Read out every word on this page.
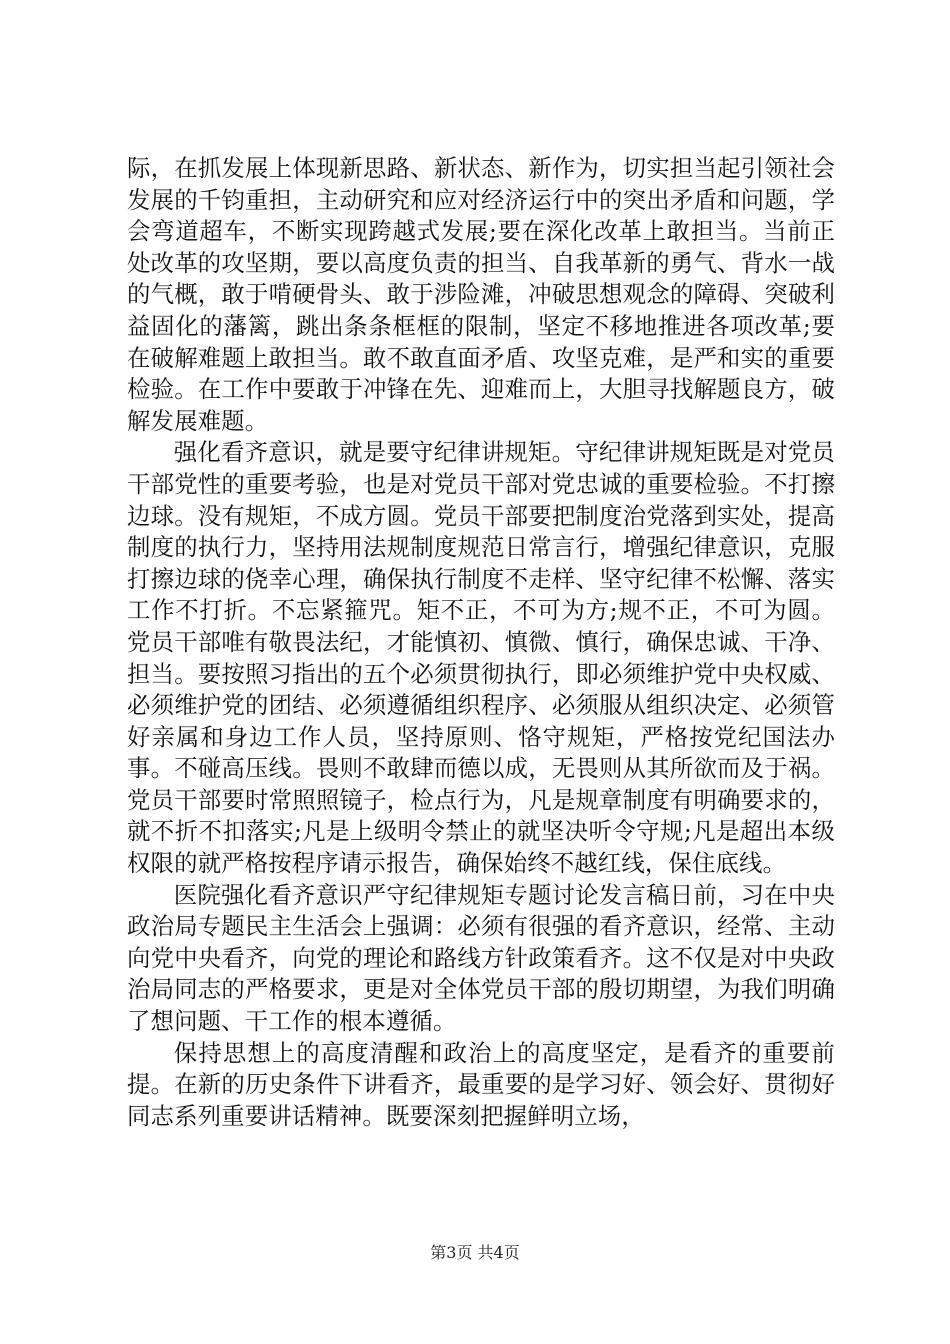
际，在抓发展上体现新思路、新状态、新作为，切实担当起引领社会发展的千钧重担，主动研究和应对经济运行中的突出矛盾和问题，学会弯道超车，不断实现跨越式发展;要在深化改革上敢担当。当前正处改革的攻坚期，要以高度负责的担当、自我革新的勇气、背水一战的气概，敢于啃硬骨头、敢于涉险滩，冲破思想观念的障碍、突破利益固化的藩篱，跳出条条框框的限制，坚定不移地推进各项改革;要在破解难题上敢担当。敢不敢直面矛盾、攻坚克难，是严和实的重要检验。在工作中要敢于冲锋在先、迎难而上，大胆寻找解题良方，破解发展难题。

强化看齐意识，就是要守纪律讲规矩。守纪律讲规矩既是对党员干部党性的重要考验，也是对党员干部对党忠诚的重要检验。不打擦边球。没有规矩，不成方圆。党员干部要把制度治党落到实处，提高制度的执行力，坚持用法规制度规范日常言行，增强纪律意识，克服打擦边球的侥幸心理，确保执行制度不走样、坚守纪律不松懈、落实工作不打折。不忘紧箍咒。矩不正，不可为方;规不正，不可为圆。党员干部唯有敬畏法纪，才能慎初、慎微、慎行，确保忠诚、干净、担当。要按照习指出的五个必须贯彻执行，即必须维护党中央权威、必须维护党的团结、必须遵循组织程序、必须服从组织决定、必须管好亲属和身边工作人员，坚持原则、恪守规矩，严格按党纪国法办事。不碰高压线。畏则不敢肆而德以成，无畏则从其所欲而及于祸。党员干部要时常照照镜子，检点行为，凡是规章制度有明确要求的，就不折不扣落实;凡是上级明令禁止的就坚决听令守规;凡是超出本级权限的就严格按程序请示报告，确保始终不越红线，保住底线。

医院强化看齐意识严守纪律规矩专题讨论发言稿日前，习在中央政治局专题民主生活会上强调：必须有很强的看齐意识，经常、主动向党中央看齐，向党的理论和路线方针政策看齐。这不仅是对中央政治局同志的严格要求，更是对全体党员干部的殷切期望，为我们明确了想问题、干工作的根本遵循。

保持思想上的高度清醒和政治上的高度坚定，是看齐的重要前提。在新的历史条件下讲看齐，最重要的是学习好、领会好、贯彻好同志系列重要讲话精神。既要深刻把握鲜明立场，

第3页 共4页
